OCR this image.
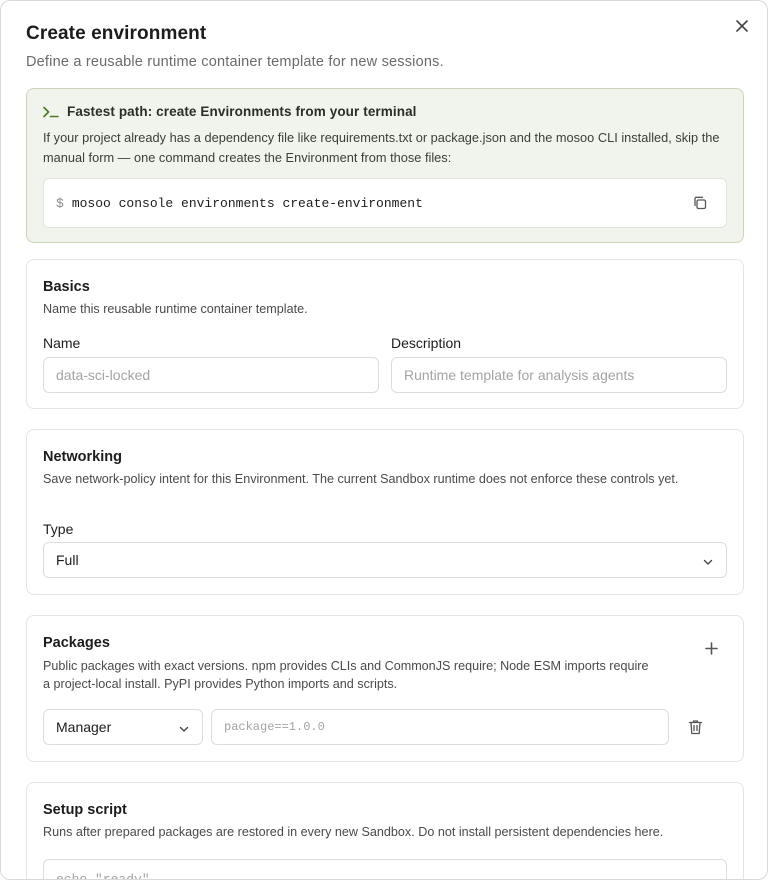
Create environment
Define a reusable runtime container template for new sessions.
Fastest path: create Environments from your terminal
If your project already has a dependency file like requirements.txt or package.json and the mosoo CLI installed, skip the manual form — one command creates the Environment from those files:
$ mosoo console environments create-environment
Basics
Name this reusable runtime container template.
Name
data-sci-locked	Description
Runtime template for analysis agents
Networking
Save network-policy intent for this Environment. The current Sandbox runtime does not enforce these controls yet.
Type
Full
Packages
Public packages with exact versions. npm provides CLIs and CommonJS require; Node ESM imports require a project-local install. PyPI provides Python imports and scripts.
Manager
package==1.0.0
Setup script
Runs after prepared packages are restored in every new Sandbox. Do not install persistent dependencies here.
echo "ready"
